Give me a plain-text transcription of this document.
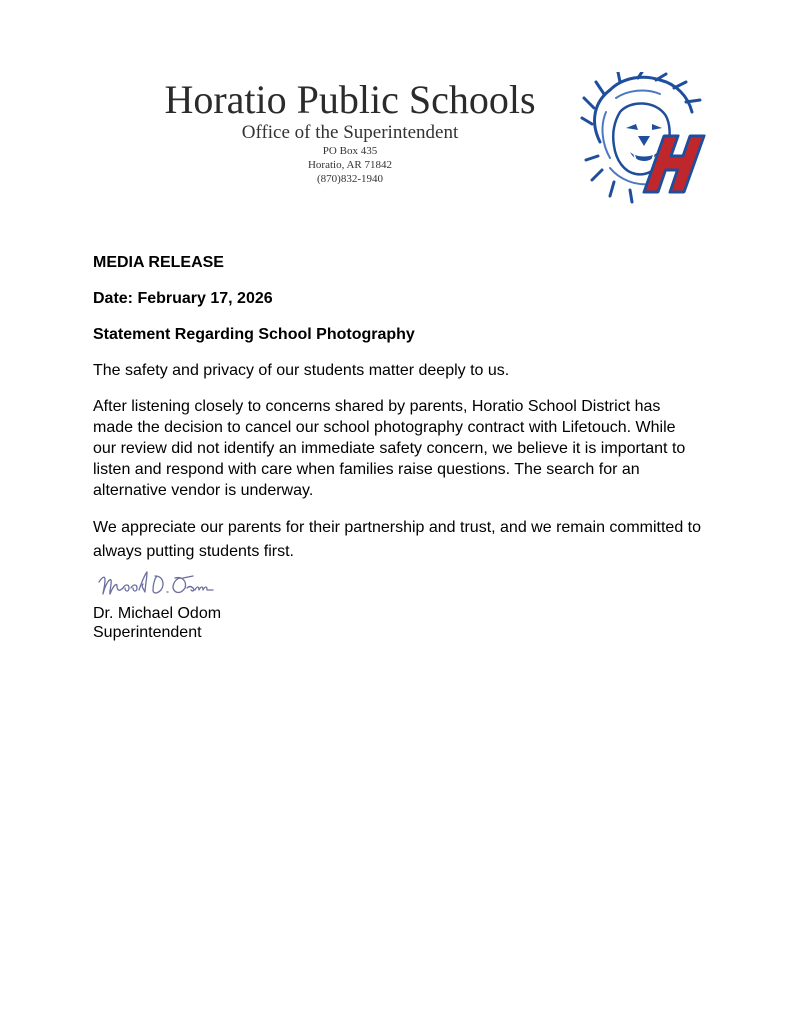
Horatio Public Schools
Office of the Superintendent
PO Box 435
Horatio, AR 71842
(870)832-1940

MEDIA RELEASE

Date: February 17, 2026

Statement Regarding School Photography

The safety and privacy of our students matter deeply to us.

After listening closely to concerns shared by parents, Horatio School District has made the decision to cancel our school photography contract with Lifetouch. While our review did not identify an immediate safety concern, we believe it is important to listen and respond with care when families raise questions. The search for an alternative vendor is underway.

We appreciate our parents for their partnership and trust, and we remain committed to always putting students first.

Dr. Michael Odom
Superintendent
